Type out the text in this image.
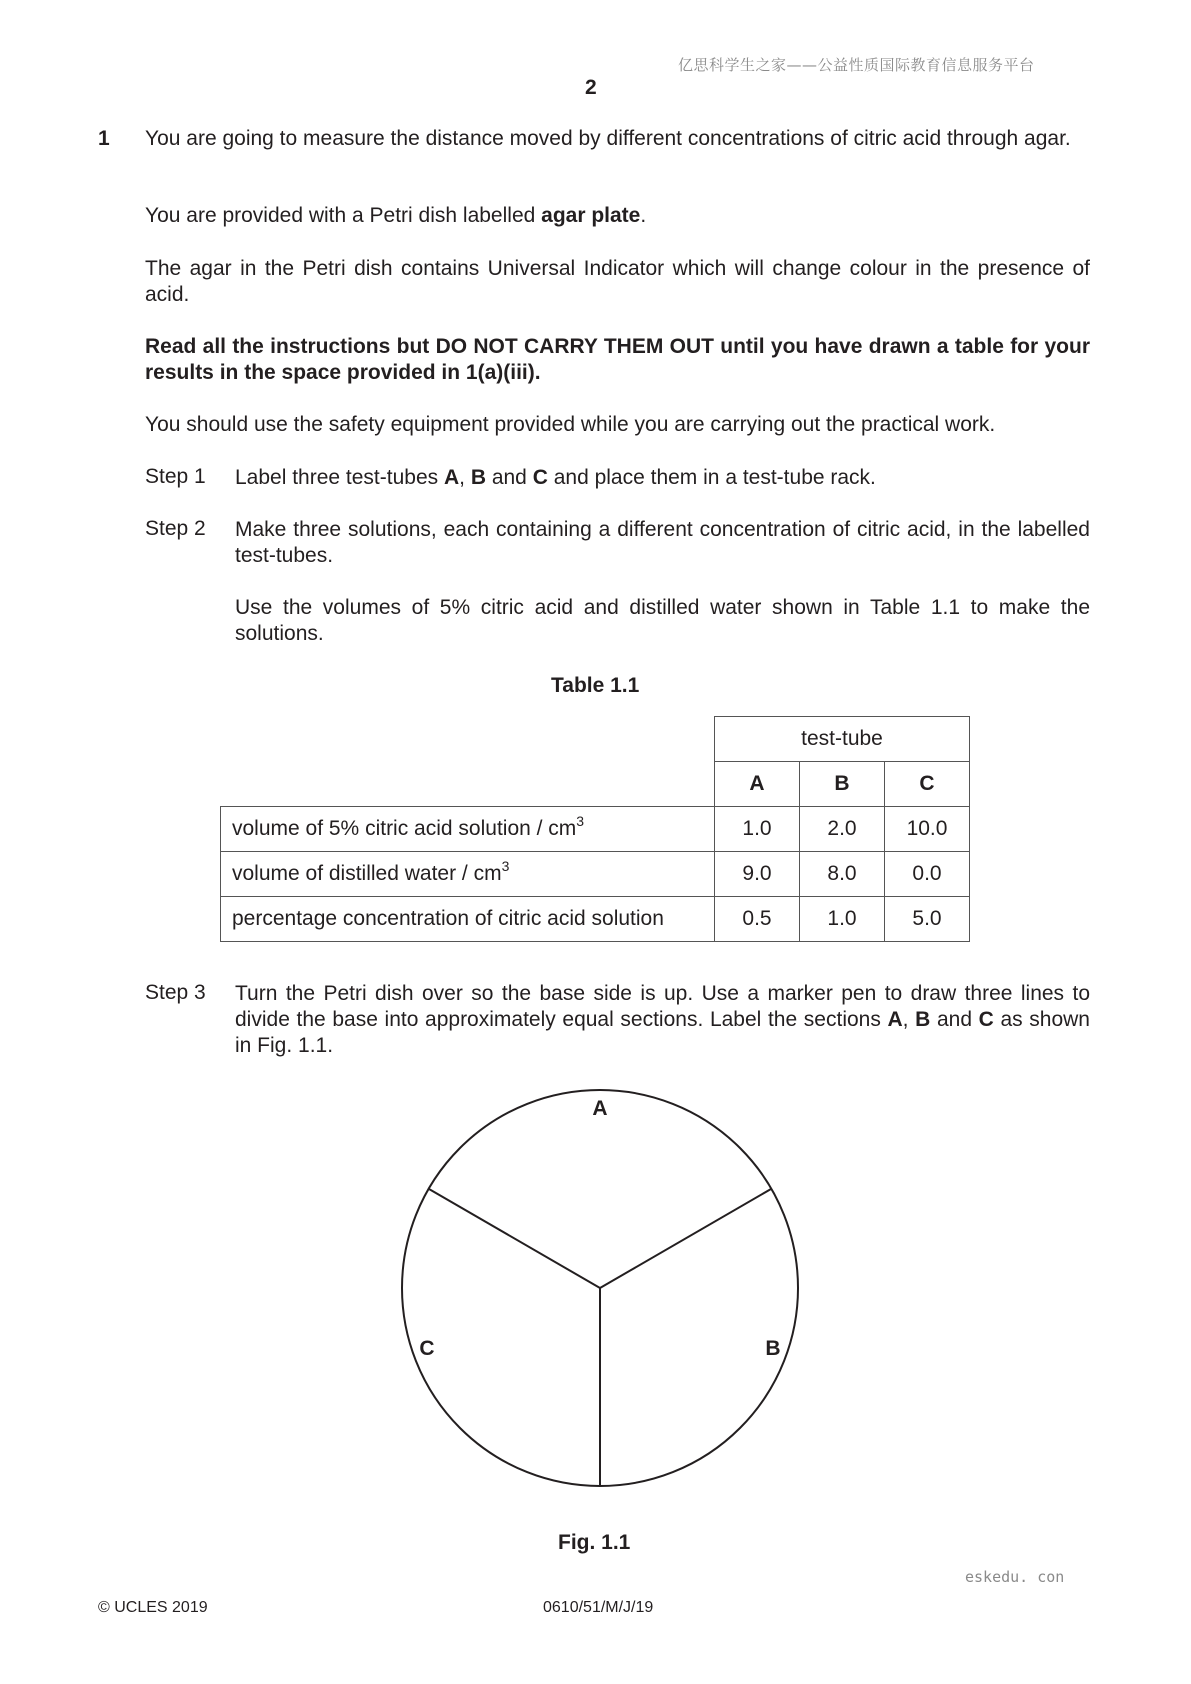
亿思科学生之家——公益性质国际教育信息服务平台
2
1 You are going to measure the distance moved by different concentrations of citric acid through agar.
You are provided with a Petri dish labelled agar plate.
The agar in the Petri dish contains Universal Indicator which will change colour in the presence of acid.
Read all the instructions but DO NOT CARRY THEM OUT until you have drawn a table for your results in the space provided in 1(a)(iii).
You should use the safety equipment provided while you are carrying out the practical work.
Step 1 Label three test-tubes A, B and C and place them in a test-tube rack.
Step 2 Make three solutions, each containing a different concentration of citric acid, in the labelled test-tubes.
Use the volumes of 5% citric acid and distilled water shown in Table 1.1 to make the solutions.
Table 1.1
	test-tube		
	A	B	C
volume of 5% citric acid solution / $cm^3$	1.0	2.0	10.0
volume of distilled water / $cm^3$	9.0	8.0	0.0
percentage concentration of citric acid solution	0.5	1.0	5.0
Step 3 Turn the Petri dish over so the base side is up. Use a marker pen to draw three lines to divide the base into approximately equal sections. Label the sections A, B and C as shown in Fig. 1.1.
A
B
C
Fig. 1.1
eskedu. con
© UCLES 2019	0610/51/M/J/19
